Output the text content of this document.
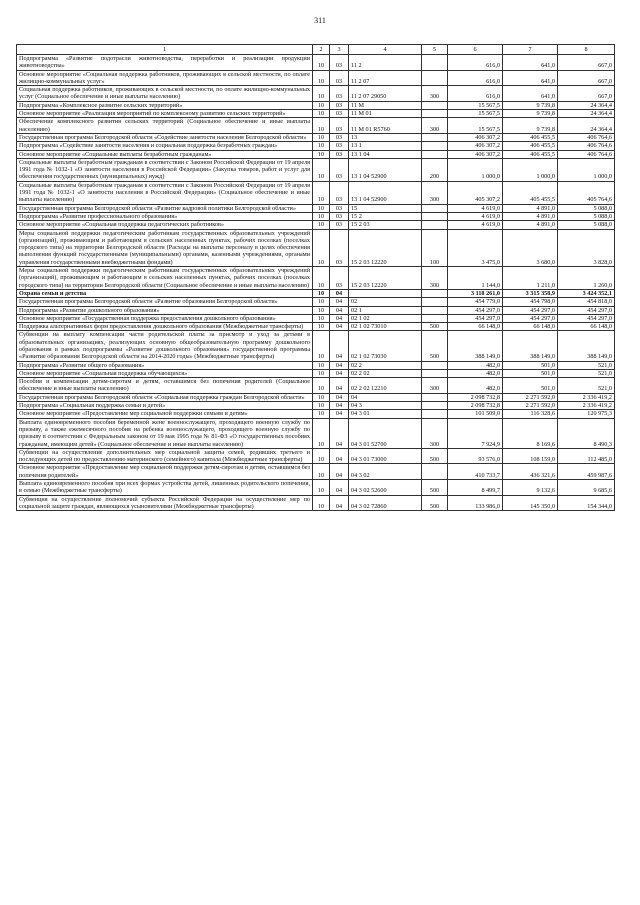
311
1	2	3	4	5	6	7	8
Подпрограмма «Развитие подотрасли животноводства, переработки и реализации продукции животноводства»	10	03	11 2		616,0	641,0	667,0
Основное мероприятие «Социальная поддержка работников, проживающих в сельской местности, по оплате жилищно-коммунальных услуг»	10	03	11 2 07		616,0	641,0	667,0
Социальная поддержка работников, проживающих в сельской местности, по оплате жилищно-коммунальных услуг (Социальное обеспечение и иные выплаты населению)	10	03	11 2 07 29050	300	616,0	641,0	667,0
Подпрограмма «Комплексное развитие сельских территорий»	10	03	11 М		15 567,5	9 739,8	24 364,4
Основное мероприятие «Реализация мероприятий по комплексному развитию сельских территорий»	10	03	11 М 01		15 567,5	9 739,8	24 364,4
Обеспечение комплексного развития сельских территорий (Социальное обеспечение и иные выплаты населению)	10	03	11 М 01 R5760	300	15 567,5	9 739,8	24 364,4
Государственная программа Белгородской области «Содействие занятости населения Белгородской области»	10	03	13		406 307,2	406 455,5	406 764,6
Подпрограмма «Содействие занятости населения и социальная поддержка безработных граждан»	10	03	13 1		406 307,2	406 455,5	406 764,6
Основное мероприятие «Социальные выплаты безработным гражданам»	10	03	13 1 04		406 307,2	406 455,5	406 764,6
Социальные выплаты безработным гражданам в соответствии с Законом Российской Федерации от 19 апреля 1991 года № 1032-1 «О занятости населения в Российской Федерации» (Закупка товаров, работ и услуг для обеспечения государственных (муниципальных) нужд)	10	03	13 1 04 52900	200	1 000,0	1 000,0	1 000,0
Социальные выплаты безработным гражданам в соответствии с Законом Российской Федерации от 19 апреля 1991 года № 1032-1 «О занятости населения в Российской Федерации» (Социальное обеспечение и иные выплаты населению)	10	03	13 1 04 52900	300	405 307,2	405 455,5	405 764,6
Государственная программа Белгородской области «Развитие кадровой политики Белгородской области»	10	03	15		4 619,0	4 891,0	5 088,0
Подпрограмма «Развитие профессионального образования»	10	03	15 2		4 619,0	4 891,0	5 088,0
Основное мероприятие «Социальная поддержка педагогических работников»	10	03	15 2 03		4 619,0	4 891,0	5 088,0
Меры социальной поддержки педагогическим работникам государственных образовательных учреждений (организаций), проживающим и работающим в сельских населенных пунктах, рабочих поселках (поселках городского типа) на территории Белгородской области (Расходы на выплаты персоналу в целях обеспечения выполнения функций государственными (муниципальными) органами, казенными учреждениями, органами управления государственными внебюджетными фондами)	10	03	15 2 03 12220	100	3 475,0	3 680,0	3 828,0
Меры социальной поддержки педагогическим работникам государственных образовательных учреждений (организаций), проживающим и работающим в сельских населенных пунктах, рабочих поселках (поселках городского типа) на территории Белгородской области (Социальное обеспечение и иные выплаты населению)	10	03	15 2 03 12220	300	1 144,0	1 211,0	1 260,0
Охрана семьи и детства	10	04			3 118 261,0	3 315 358,9	3 424 352,1
Государственная программа Белгородской области «Развитие образования Белгородской области»	10	04	02		454 779,0	454 798,0	454 818,0
Подпрограмма «Развитие дошкольного образования»	10	04	02 1		454 297,0	454 297,0	454 297,0
Основное мероприятие «Государственная поддержка предоставления дошкольного образования»	10	04	02 1 02		454 297,0	454 297,0	454 297,0
Поддержка альтернативных форм предоставления дошкольного образования (Межбюджетные трансферты)	10	04	02 1 02 73010	500	66 148,0	66 148,0	66 148,0
Субвенции на выплату компенсации части родительской платы за присмотр и уход за детьми в образовательных организациях, реализующих основную общеобразовательную программу дошкольного образования в рамках подпрограммы «Развитие дошкольного образования» государственной программы «Развитие образования Белгородской области на 2014-2020 годы» (Межбюджетные трансферты)	10	04	02 1 02 73030	500	388 149,0	388 149,0	388 149,0
Подпрограмма «Развитие общего образования»	10	04	02 2		482,0	501,0	521,0
Основное мероприятие «Социальная поддержка обучающихся»	10	04	02 2 02		482,0	501,0	521,0
Пособия и компенсации детям-сиротам и детям, оставшимся без попечения родителей (Социальное обеспечение и иные выплаты населению)	10	04	02 2 02 12210	300	482,0	501,0	521,0
Государственная программа Белгородской области «Социальная поддержка граждан Белгородской области»	10	04	04		2 098 732,8	2 271 592,0	2 336 419,2
Подпрограмма «Социальная поддержка семьи и детей»	10	04	04 3		2 098 732,8	2 271 592,0	2 336 419,2
Основное мероприятие «Предоставление мер социальной поддержки семьям и детям»	10	04	04 3 01		101 509,0	116 328,6	120 975,3
Выплата единовременного пособия беременной жене военнослужащего, проходящего военную службу по призыву, а также ежемесячного пособия на ребенка военнослужащего, проходящего военную службу по призыву в соответствии с Федеральным законом от 19 мая 1995 года № 81-ФЗ «О государственных пособиях гражданам, имеющим детей» (Социальное обеспечение и иные выплаты населению)	10	04	04 3 01 52700	300	7 924,9	8 169,6	8 490,3
Субвенции на осуществление дополнительных мер социальной защиты семей, родивших третьего и последующих детей по предоставлению материнского (семейного) капитала (Межбюджетные трансферты)	10	04	04 3 01 73000	500	93 576,0	108 159,0	112 485,0
Основное мероприятие «Предоставление мер социальной поддержки детям-сиротам и детям, оставшимся без попечения родителей»	10	04	04 3 02		410 733,7	436 321,6	459 987,6
Выплата единовременного пособия при всех формах устройства детей, лишенных родительского попечения, в семью (Межбюджетные трансферты)	10	04	04 3 02 52600	500	8 499,7	9 132,6	9 685,6
Субвенция на осуществление полномочий субъекта Российской Федерации на осуществление мер по социальной защите граждан, являющихся усыновителями (Межбюджетные трансферты)	10	04	04 3 02 72860	500	133 986,0	145 350,0	154 344,0
